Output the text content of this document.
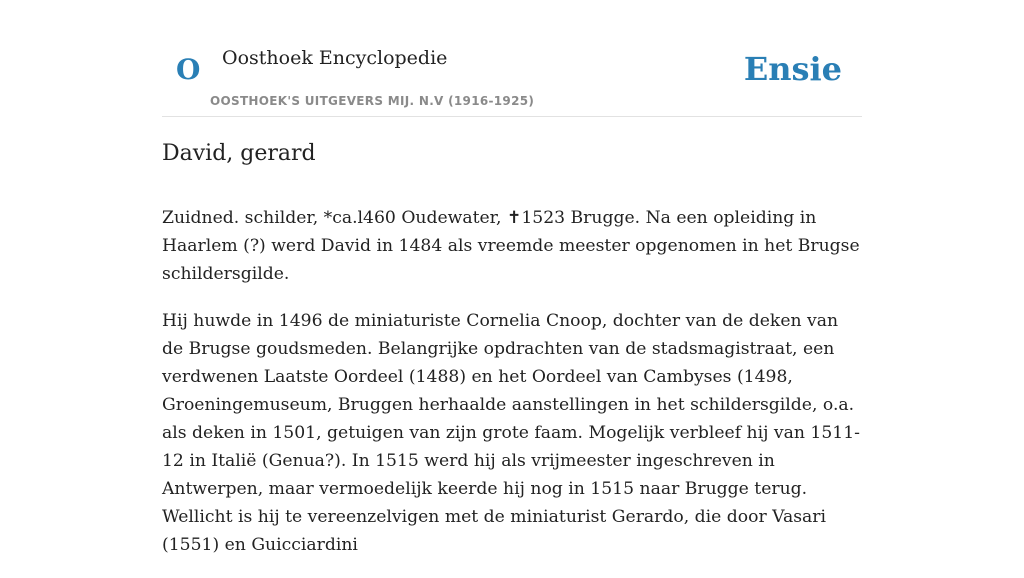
O Oosthoek Encyclopedie
OOSTHOEK'S UITGEVERS MIJ. N.V (1916-1925)
Ensie
David, gerard

Zuidned. schilder, *ca.l460 Oudewater, ✝1523 Brugge. Na een opleiding in Haarlem (?) werd David in 1484 als vreemde meester opgenomen in het Brugse schildersgilde.

Hij huwde in 1496 de miniaturiste Cornelia Cnoop, dochter van de deken van de Brugse goudsmeden. Belangrijke opdrachten van de stadsmagistraat, een verdwenen Laatste Oordeel (1488) en het Oordeel van Cambyses (1498, Groeningemuseum, Bruggen herhaalde aanstellingen in het schildersgilde, o.a. als deken in 1501, getuigen van zijn grote faam. Mogelijk verbleef hij van 1511-12 in Italië (Genua?). In 1515 werd hij als vrijmeester ingeschreven in Antwerpen, maar vermoedelijk keerde hij nog in 1515 naar Brugge terug. Wellicht is hij te vereenzelvigen met de miniaturist Gerardo, die door Vasari (1551) en Guicciardini
